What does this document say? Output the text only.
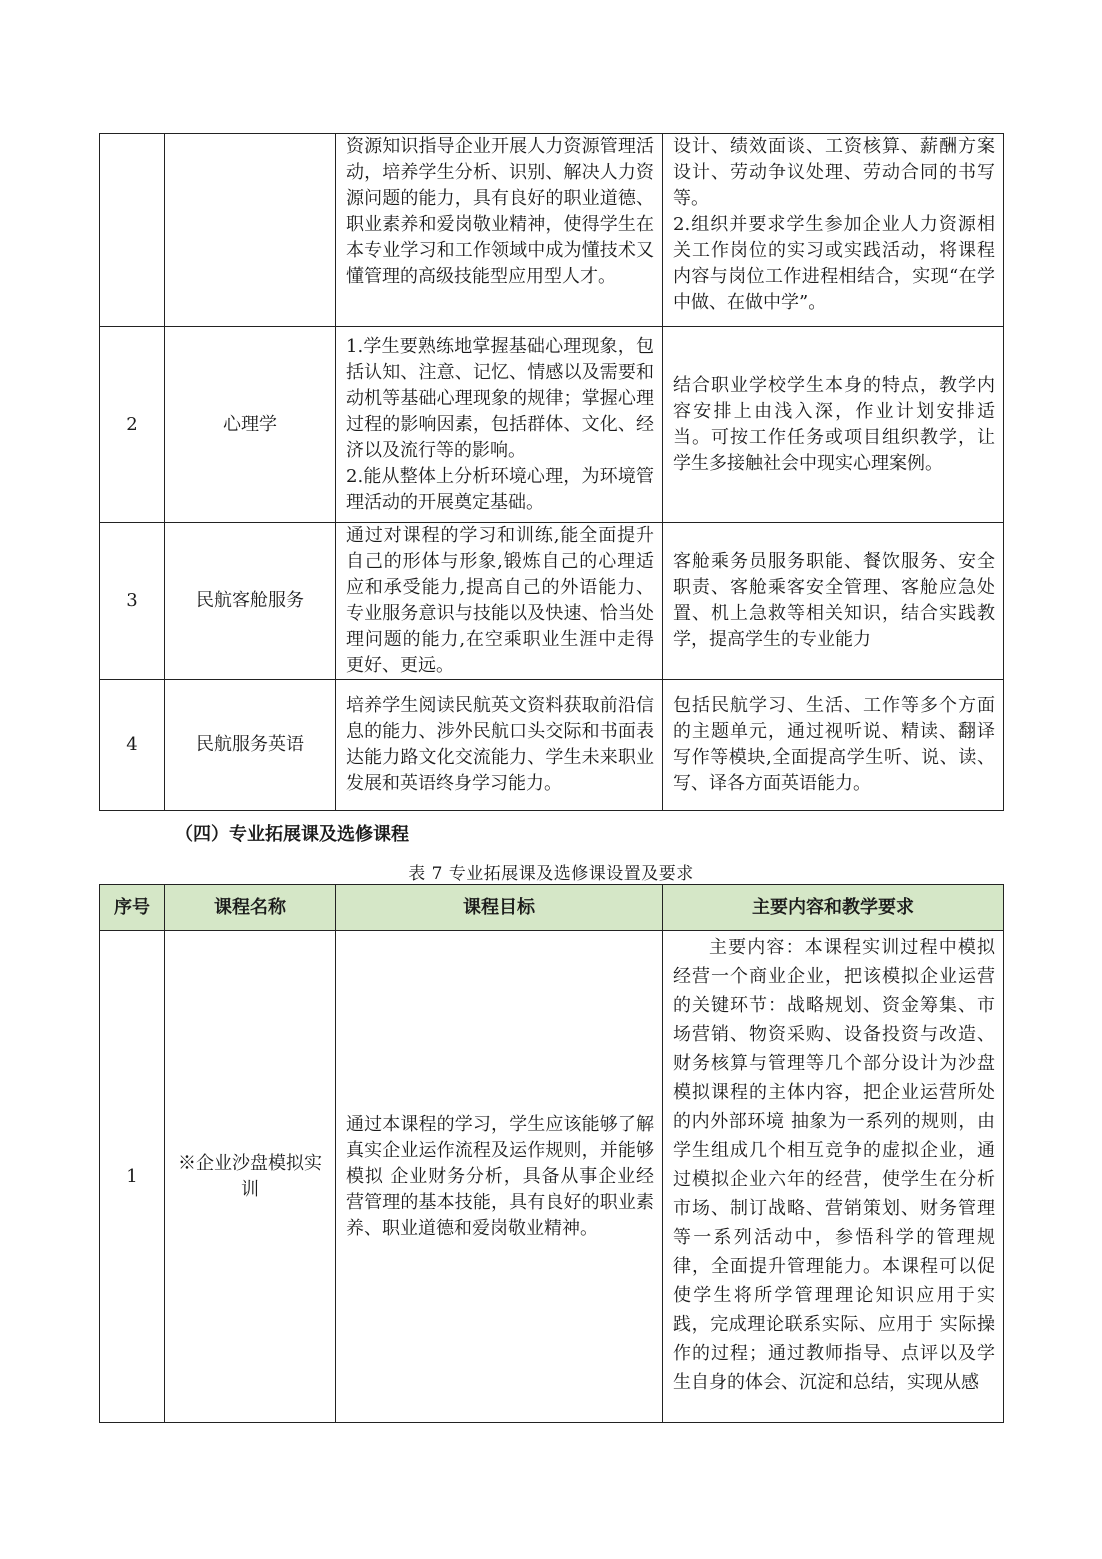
		资源知识指导企业开展人力资源管理活动，培养学生分析、识别、解决人力资源问题的能力，具有良好的职业道德、职业素养和爱岗敬业精神，使得学生在本专业学习和工作领域中成为懂技术又懂管理的高级技能型应用型人才。	设计、绩效面谈、工资核算、薪酬方案设计、劳动争议处理、劳动合同的书写等。
2.组织并要求学生参加企业人力资源相关工作岗位的实习或实践活动，将课程内容与岗位工作进程相结合，实现“在学中做、在做中学”。

2	心理学	1.学生要熟练地掌握基础心理现象，包括认知、注意、记忆、情感以及需要和动机等基础心理现象的规律；掌握心理过程的影响因素，包括群体、文化、经济以及流行等的影响。
2.能从整体上分析环境心理，为环境管理活动的开展奠定基础。	结合职业学校学生本身的特点，教学内容安排上由浅入深，作业计划安排适当。可按工作任务或项目组织教学，让学生多接触社会中现实心理案例。

3	民航客舱服务	通过对课程的学习和训练,能全面提升自己的形体与形象,锻炼自己的心理适应和承受能力,提高自己的外语能力、专业服务意识与技能以及快速、恰当处理问题的能力,在空乘职业生涯中走得更好、更远。	客舱乘务员服务职能、餐饮服务、安全职责、客舱乘客安全管理、客舱应急处置、机上急救等相关知识，结合实践教学，提高学生的专业能力

4	民航服务英语	培养学生阅读民航英文资料获取前沿信息的能力、涉外民航口头交际和书面表达能力路文化交流能力、学生未来职业发展和英语终身学习能力。	包括民航学习、生活、工作等多个方面的主题单元，通过视听说、精读、翻译写作等模块,全面提高学生听、说、读、写、译各方面英语能力。
（四）专业拓展课及选修课程

表 7 专业拓展课及选修课设置及要求

序号	课程名称	课程目标	主要内容和教学要求
1	※企业沙盘模拟实训	通过本课程的学习，学生应该能够了解真实企业运作流程及运作规则，并能够模拟 企业财务分析，具备从事企业经营管理的基本技能，具有良好的职业素养、职业道德和爱岗敬业精神。	主要内容：本课程实训过程中模拟经营一个商业企业，把该模拟企业运营的关键环节：战略规划、资金筹集、市场营销、物资采购、设备投资与改造、财务核算与管理等几个部分设计为沙盘模拟课程的主体内容，把企业运营所处的内外部环境 抽象为一系列的规则，由学生组成几个相互竞争的虚拟企业，通过模拟企业六年的经营，使学生在分析市场、制订战略、营销策划、财务管理等一系列活动中，参悟科学的管理规律，全面提升管理能力。本课程可以促使学生将所学管理理论知识应用于实践，完成理论联系实际、应用于 实际操作的过程；通过教师指导、点评以及学生自身的体会、沉淀和总结，实现从感
